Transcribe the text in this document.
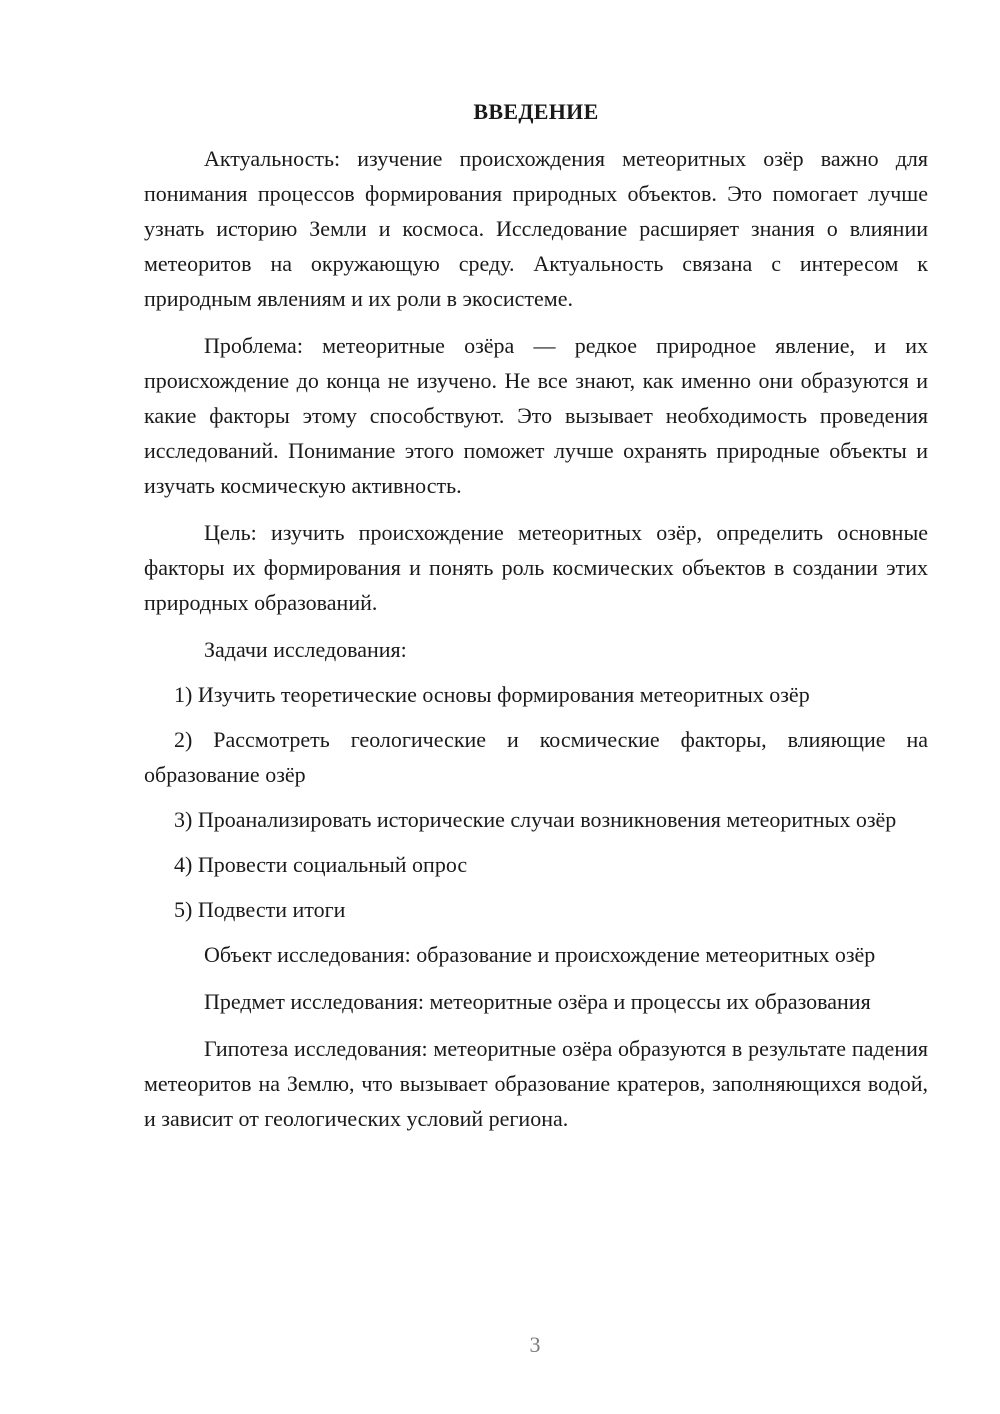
ВВЕДЕНИЕ

Актуальность: изучение происхождения метеоритных озёр важно для понимания процессов формирования природных объектов. Это помогает лучше узнать историю Земли и космоса. Исследование расширяет знания о влиянии метеоритов на окружающую среду. Актуальность связана с интересом к природным явлениям и их роли в экосистеме.

Проблема: метеоритные озёра — редкое природное явление, и их происхождение до конца не изучено. Не все знают, как именно они образуются и какие факторы этому способствуют. Это вызывает необходимость проведения исследований. Понимание этого поможет лучше охранять природные объекты и изучать космическую активность.

Цель: изучить происхождение метеоритных озёр, определить основные факторы их формирования и понять роль космических объектов в создании этих природных образований.

Задачи исследования:

1) Изучить теоретические основы формирования метеоритных озёр

2) Рассмотреть геологические и космические факторы, влияющие на образование озёр

3) Проанализировать исторические случаи возникновения метеоритных озёр

4) Провести социальный опрос

5) Подвести итоги

Объект исследования: образование и происхождение метеоритных озёр

Предмет исследования: метеоритные озёра и процессы их образования

Гипотеза исследования: метеоритные озёра образуются в результате падения метеоритов на Землю, что вызывает образование кратеров, заполняющихся водой, и зависит от геологических условий региона.

3
